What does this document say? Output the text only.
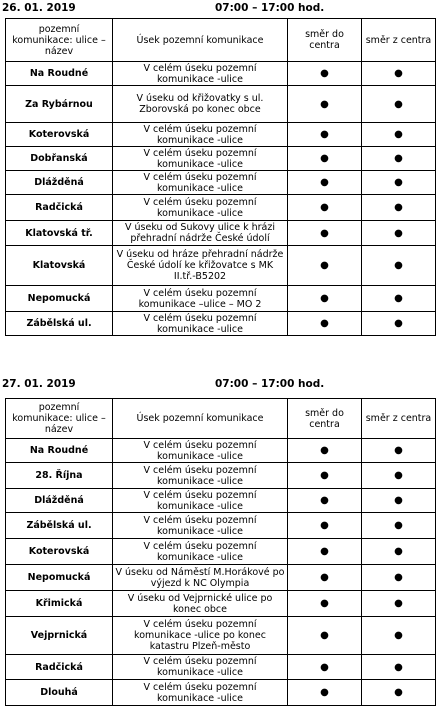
26. 01. 2019	07:00 – 17:00 hod.
pozemní komunikace: ulice – název	Úsek pozemní komunikace	směr do centra	směr z centra
Na Roudné	V celém úseku pozemní komunikace -ulice	●	●
Za Rybárnou	V úseku od křižovatky s ul. Zborovská po konec obce	●	●
Koterovská	V celém úseku pozemní komunikace -ulice	●	●
Dobřanská	V celém úseku pozemní komunikace -ulice	●	●
Dlážděná	V celém úseku pozemní komunikace -ulice	●	●
Radčická	V celém úseku pozemní komunikace -ulice	●	●
Klatovská tř.	V úseku od Sukovy ulice k hrázi přehradní nádrže České údolí	●	●
Klatovská	V úseku od hráze přehradní nádrže České údolí ke křižovatce s MK II.tř.-B5202	●	●
Nepomucká	V celém úseku pozemní komunikace –ulice – MO 2	●	●
Zábělská ul.	V celém úseku pozemní komunikace -ulice	●	●
27. 01. 2019	07:00 – 17:00 hod.
pozemní komunikace: ulice – název	Úsek pozemní komunikace	směr do centra	směr z centra
Na Roudné	V celém úseku pozemní komunikace -ulice	●	●
28. Října	V celém úseku pozemní komunikace -ulice	●	●
Dlážděná	V celém úseku pozemní komunikace -ulice	●	●
Zábělská ul.	V celém úseku pozemní komunikace -ulice	●	●
Koterovská	V celém úseku pozemní komunikace -ulice	●	●
Nepomucká	V úseku od Náměstí M.Horákové po výjezd k NC Olympia	●	●
Křimická	V úseku od Vejprnické ulice po konec obce	●	●
Vejprnická	V celém úseku pozemní komunikace -ulice po konec katastru Plzeň-město	●	●
Radčická	V celém úseku pozemní komunikace -ulice	●	●
Dlouhá	V celém úseku pozemní komunikace -ulice	●	●
